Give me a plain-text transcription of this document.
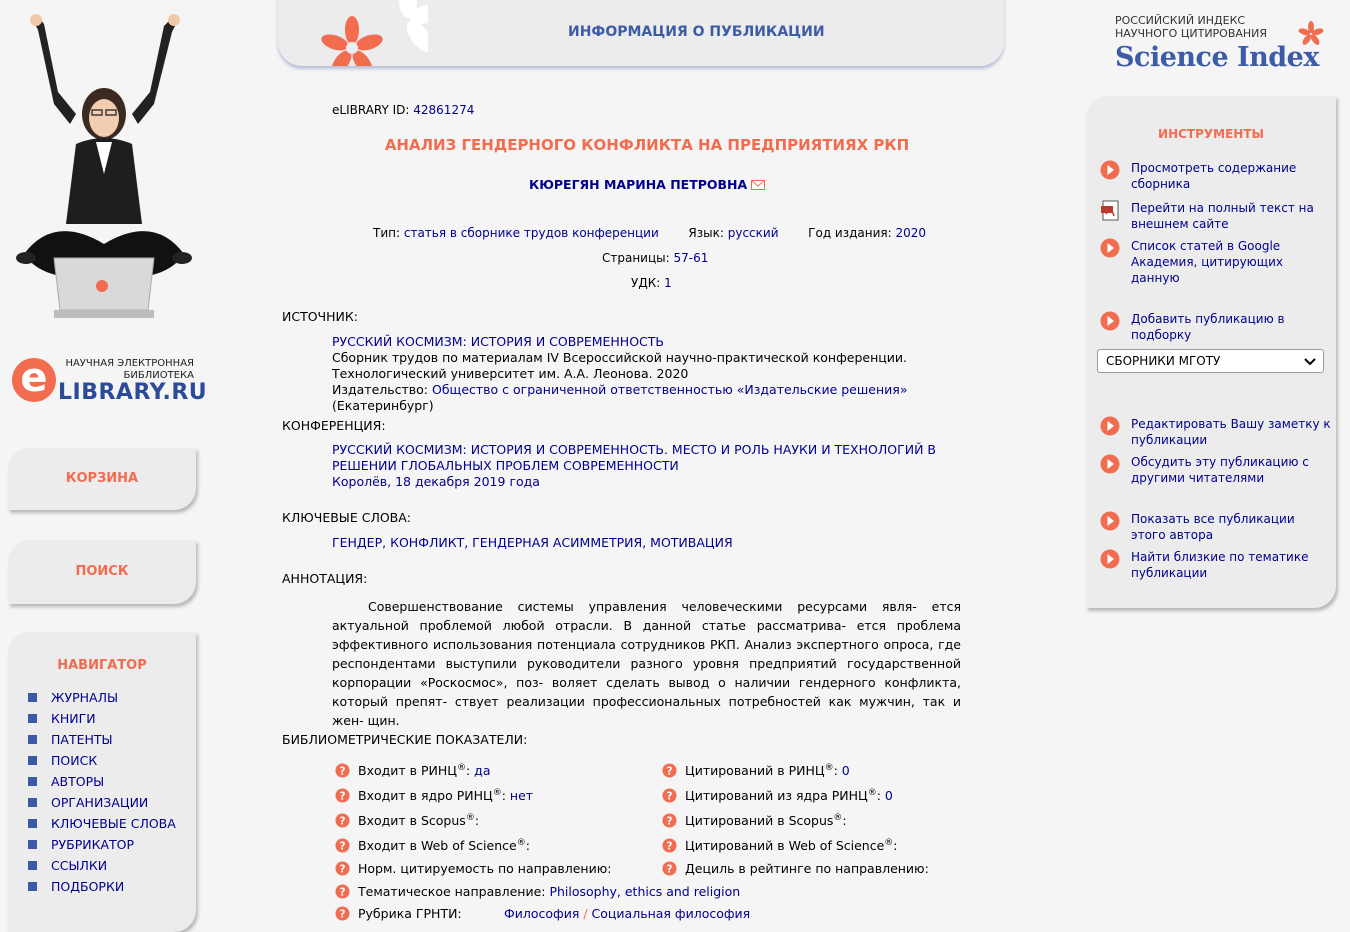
e	НАУЧНАЯ ЭЛЕКТРОННАЯ
БИБЛИОТЕКА
LIBRARY.RU
КОРЗИНА
ПОИСК
НАВИГАТОР
ЖУРНАЛЫ
КНИГИ
ПАТЕНТЫ
ПОИСК
АВТОРЫ
ОРГАНИЗАЦИИ
КЛЮЧЕВЫЕ СЛОВА
РУБРИКАТОР
ССЫЛКИ
ПОДБОРКИ
ИНФОРМАЦИЯ О ПУБЛИКАЦИИ
РОССИЙСКИЙ ИНДЕКС
НАУЧНОГО ЦИТИРОВАНИЯ
Science Index
ИНСТРУМЕНТЫ
Просмотреть содержание сборника
Перейти на полный текст на внешнем сайте
Список статей в Google Академия, цитирующих данную
Добавить публикацию в подборку
Редактировать Вашу заметку к публикации
Обсудить эту публикацию с другими читателями
Показать все публикации этого автора
Найти близкие по тематике публикации
СБОРНИКИ МГОТУ
eLIBRARY ID: 42861274
АНАЛИЗ ГЕНДЕРНОГО КОНФЛИКТА НА ПРЕДПРИЯТИЯХ РКП
КЮРЕГЯН МАРИНА ПЕТРОВНА
Тип: статья в сборнике трудов конференции Язык: русский Год издания: 2020
Страницы: 57-61
УДК: 1
ИСТОЧНИК:
РУССКИЙ КОСМИЗМ: ИСТОРИЯ И СОВРЕМЕННОСТЬ
Сборник трудов по материалам IV Всероссийской научно-практической конференции.
Технологический университет им. А.А. Леонова. 2020
Издательство: Общество с ограниченной ответственностью «Издательские решения» (Екатеринбург)
КОНФЕРЕНЦИЯ:
РУССКИЙ КОСМИЗМ: ИСТОРИЯ И СОВРЕМЕННОСТЬ. МЕСТО И РОЛЬ НАУКИ И ТЕХНОЛОГИЙ В
РЕШЕНИИ ГЛОБАЛЬНЫХ ПРОБЛЕМ СОВРЕМЕННОСТИ
Королёв, 18 декабря 2019 года
КЛЮЧЕВЫЕ СЛОВА:
ГЕНДЕР, КОНФЛИКТ, ГЕНДЕРНАЯ АСИММЕТРИЯ, МОТИВАЦИЯ
АННОТАЦИЯ:
Совершенствование системы управления человеческими ресурсами явля- ется актуальной проблемой любой отрасли. В данной статье рассматрива- ется проблема эффективного использования потенциала сотрудников РКП. Анализ экспертного опроса, где респондентами выступили руководители разного уровня предприятий государственной корпорации «Роскосмос», поз- воляет сделать вывод о наличии гендерного конфликта, который препят- ствует реализации профессиональных потребностей как мужчин, так и жен- щин.
БИБЛИОМЕТРИЧЕСКИЕ ПОКАЗАТЕЛИ:
? Входит в РИНЦ®: да
? Входит в ядро РИНЦ®: нет
? Входит в Scopus®:
? Входит в Web of Science®:
? Норм. цитируемость по направлению:
? Цитирований в РИНЦ®: 0
? Цитирований из ядра РИНЦ®: 0
? Цитирований в Scopus®:
? Цитирований в Web of Science®:
? Дециль в рейтинге по направлению:
? Тематическое направление: Philosophy, ethics and religion
? Рубрика ГРНТИ:	Философия / Социальная философия
